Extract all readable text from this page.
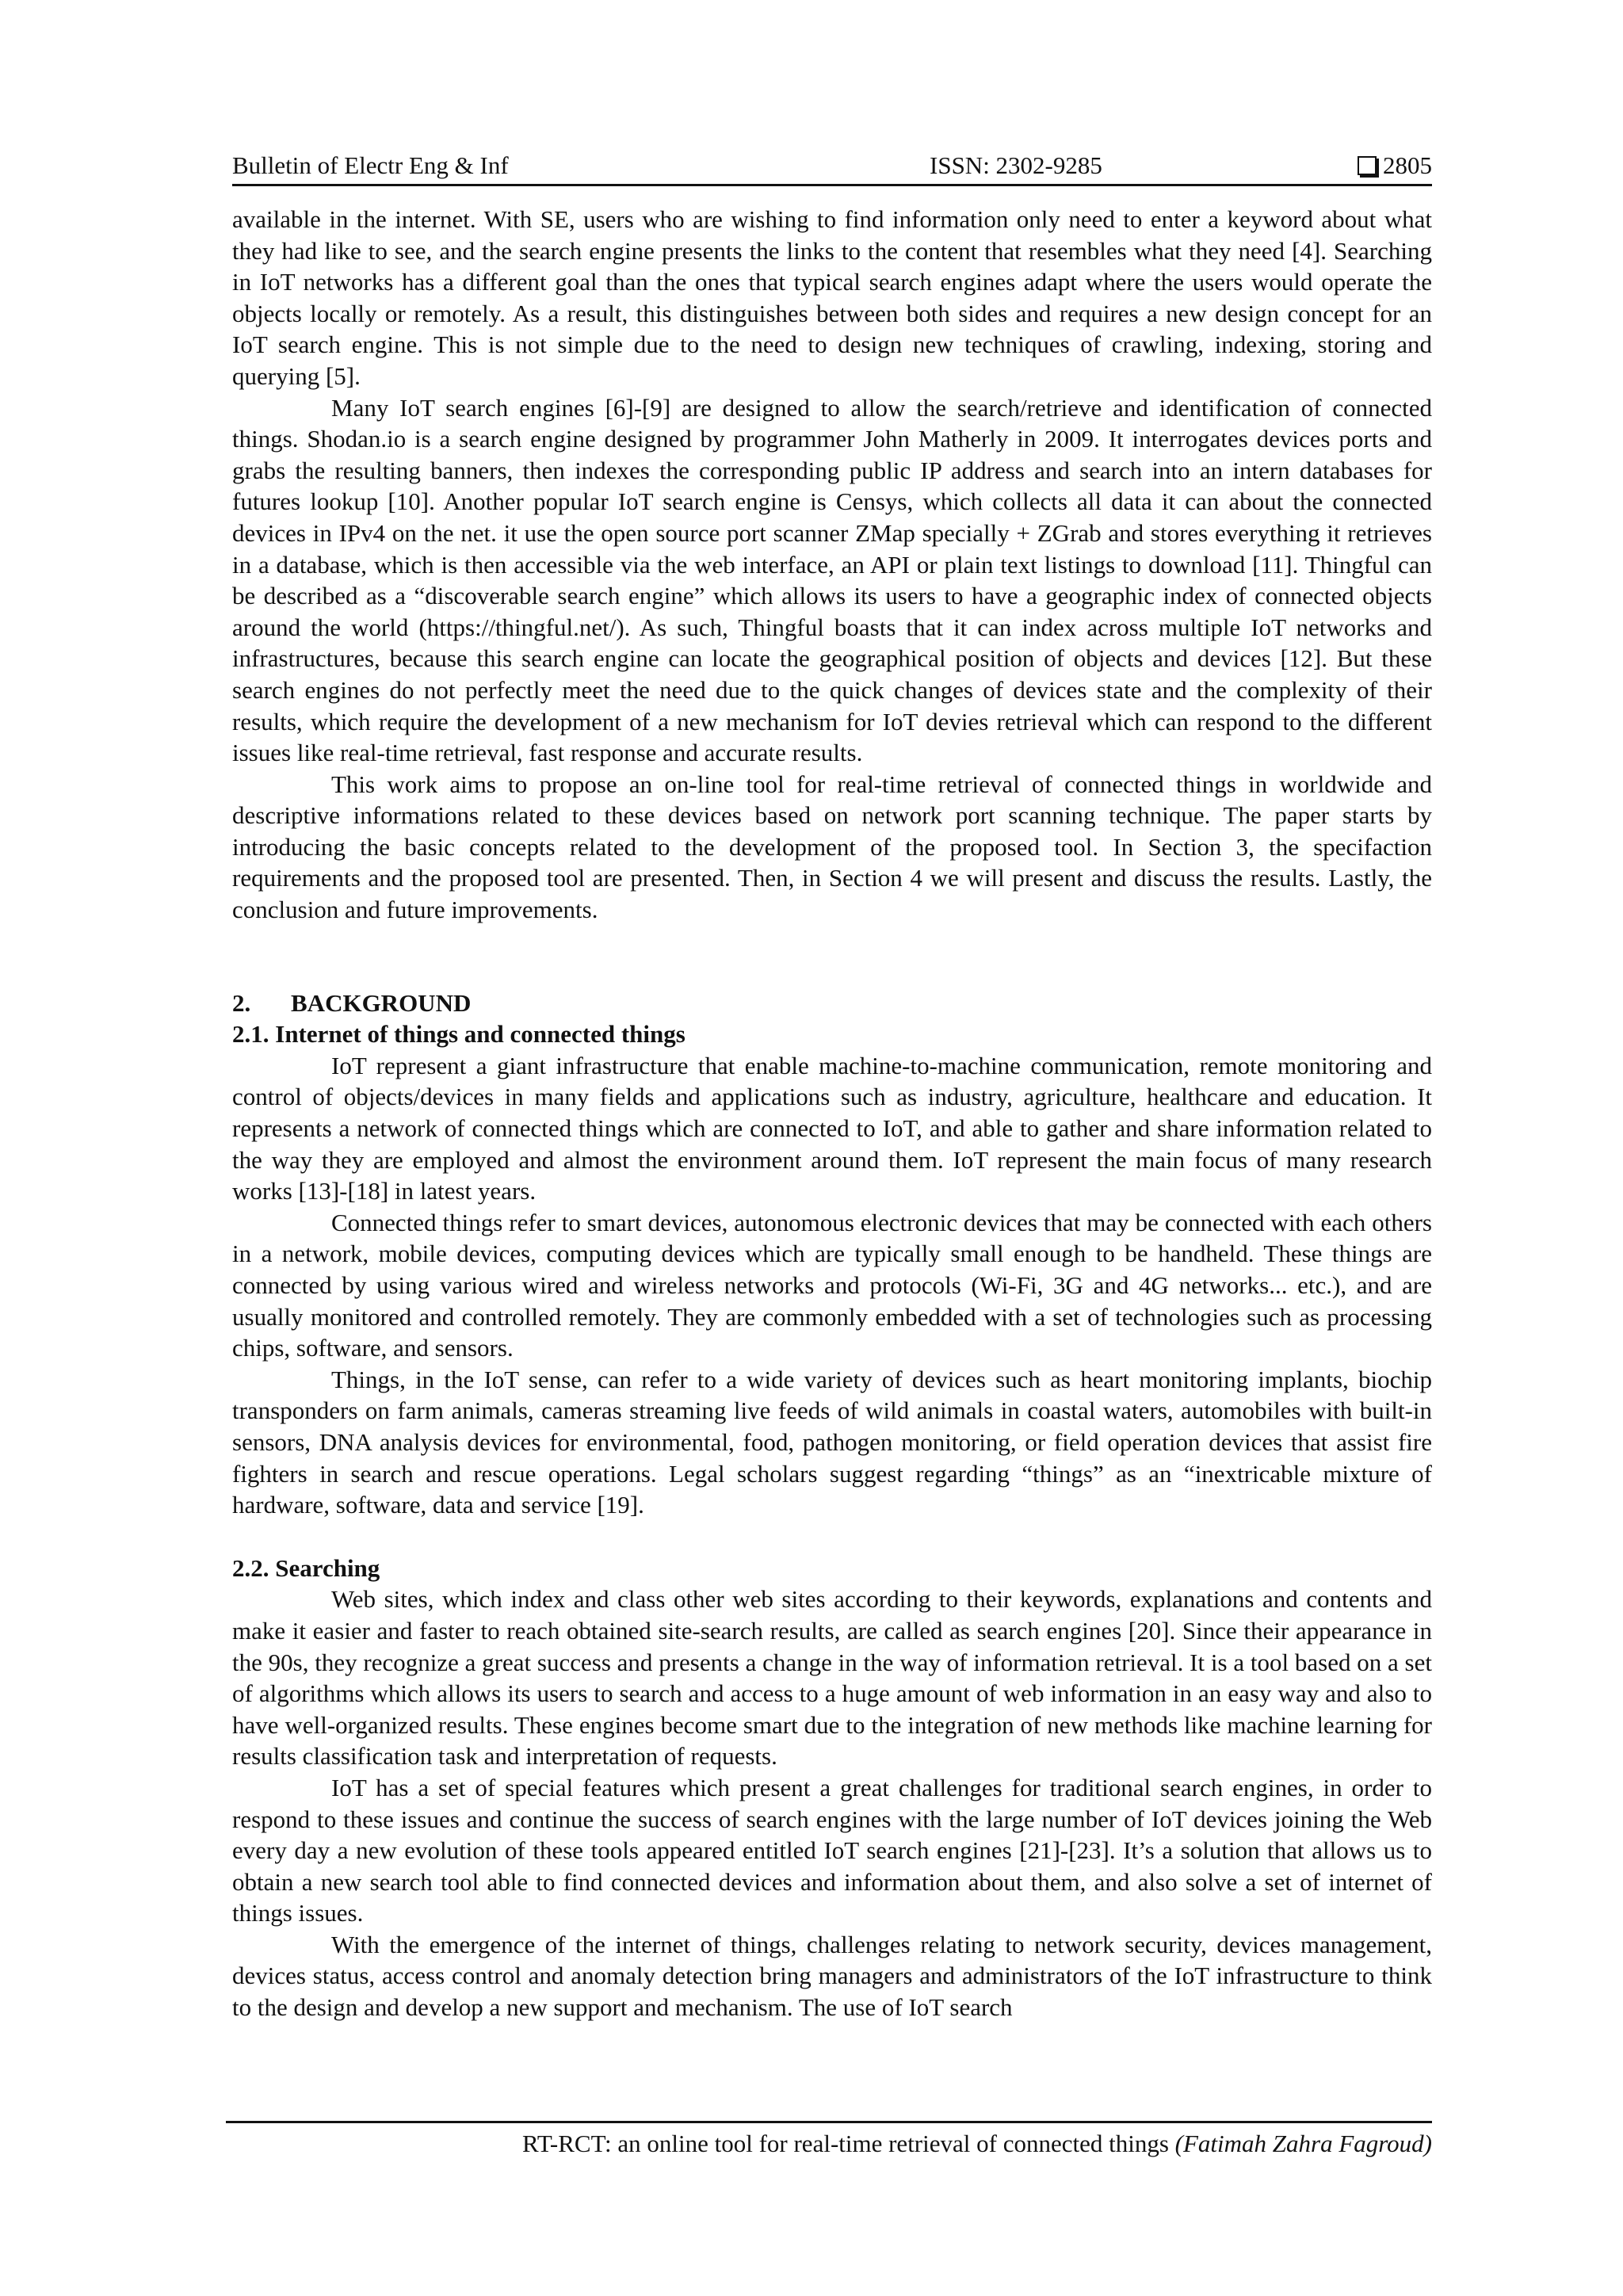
Bulletin of Electr Eng & Inf	ISSN: 2302-9285	2805

available in the internet. With SE, users who are wishing to find information only need to enter a keyword about what they had like to see, and the search engine presents the links to the content that resembles what they need [4]. Searching in IoT networks has a different goal than the ones that typical search engines adapt where the users would operate the objects locally or remotely. As a result, this distinguishes between both sides and requires a new design concept for an IoT search engine. This is not simple due to the need to design new techniques of crawling, indexing, storing and querying [5].

Many IoT search engines [6]-[9] are designed to allow the search/retrieve and identification of connected things. Shodan.io is a search engine designed by programmer John Matherly in 2009. It interrogates devices ports and grabs the resulting banners, then indexes the corresponding public IP address and search into an intern databases for futures lookup [10]. Another popular IoT search engine is Censys, which collects all data it can about the connected devices in IPv4 on the net. it use the open source port scanner ZMap specially + ZGrab and stores everything it retrieves in a database, which is then accessible via the web interface, an API or plain text listings to download [11]. Thingful can be described as a “discoverable search engine” which allows its users to have a geographic index of connected objects around the world (https://thingful.net/). As such, Thingful boasts that it can index across multiple IoT networks and infrastructures, because this search engine can locate the geographical position of objects and devices [12]. But these search engines do not perfectly meet the need due to the quick changes of devices state and the complexity of their results, which require the development of a new mechanism for IoT devies retrieval which can respond to the different issues like real-time retrieval, fast response and accurate results.

This work aims to propose an on-line tool for real-time retrieval of connected things in worldwide and descriptive informations related to these devices based on network port scanning technique. The paper starts by introducing the basic concepts related to the development of the proposed tool. In Section 3, the specifaction requirements and the proposed tool are presented. Then, in Section 4 we will present and discuss the results. Lastly, the conclusion and future improvements.

2. BACKGROUND
2.1. Internet of things and connected things

IoT represent a giant infrastructure that enable machine-to-machine communication, remote monitoring and control of objects/devices in many fields and applications such as industry, agriculture, healthcare and education. It represents a network of connected things which are connected to IoT, and able to gather and share information related to the way they are employed and almost the environment around them. IoT represent the main focus of many research works [13]-[18] in latest years.

Connected things refer to smart devices, autonomous electronic devices that may be connected with each others in a network, mobile devices, computing devices which are typically small enough to be handheld. These things are connected by using various wired and wireless networks and protocols (Wi-Fi, 3G and 4G networks... etc.), and are usually monitored and controlled remotely. They are commonly embedded with a set of technologies such as processing chips, software, and sensors.

Things, in the IoT sense, can refer to a wide variety of devices such as heart monitoring implants, biochip transponders on farm animals, cameras streaming live feeds of wild animals in coastal waters, automobiles with built-in sensors, DNA analysis devices for environmental, food, pathogen monitoring, or field operation devices that assist fire fighters in search and rescue operations. Legal scholars suggest regarding “things” as an “inextricable mixture of hardware, software, data and service [19].

2.2. Searching

Web sites, which index and class other web sites according to their keywords, explanations and contents and make it easier and faster to reach obtained site-search results, are called as search engines [20]. Since their appearance in the 90s, they recognize a great success and presents a change in the way of information retrieval. It is a tool based on a set of algorithms which allows its users to search and access to a huge amount of web information in an easy way and also to have well-organized results. These engines become smart due to the integration of new methods like machine learning for results classification task and interpretation of requests.

IoT has a set of special features which present a great challenges for traditional search engines, in order to respond to these issues and continue the success of search engines with the large number of IoT devices joining the Web every day a new evolution of these tools appeared entitled IoT search engines [21]-[23]. It’s a solution that allows us to obtain a new search tool able to find connected devices and information about them, and also solve a set of internet of things issues.

With the emergence of the internet of things, challenges relating to network security, devices management, devices status, access control and anomaly detection bring managers and administrators of the IoT infrastructure to think to the design and develop a new support and mechanism. The use of IoT search

RT-RCT: an online tool for real-time retrieval of connected things (Fatimah Zahra Fagroud)
